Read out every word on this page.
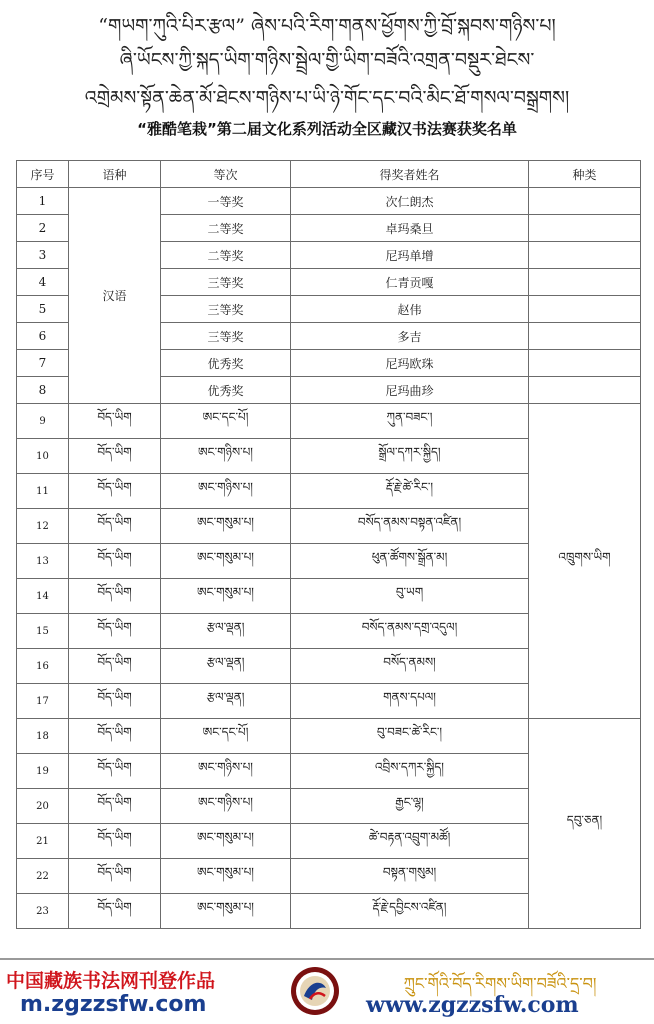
“གཡག་ཀུའི་པིར་རྩལ” ཞེས་པའི་རིག་གནས་ཕྱོགས་ཀྱི་བྲོ་སྐབས་གཉིས་པ།
ཞི་ཡོངས་ཀྱི་སྐད་ཡིག་གཉིས་སྦྲེལ་གྱི་ཡིག་བཟོའི་འགྲན་བསྡུར་ཐེངས་
འགྲེམས་སྟོན་ཆེན་མོ་ཐེངས་གཉིས་པ་ཡི་ཉེ་གོང་དང་བའི་མིང་ཐོ་གསལ་བསྒྲགས།
“雅酷笔栽”第二届文化系列活动全区藏汉书法赛获奖名单

序号	语种	等次	得奖者姓名	种类
1	汉语	一等奖	次仁朗杰	
2		二等奖	卓玛桑旦	
3		二等奖	尼玛单增	
4		三等奖	仁青贡嘎	
5		三等奖	赵伟	
6		三等奖	多吉	
7		优秀奖	尼玛欧珠	
8		优秀奖	尼玛曲珍	
9	བོད་ཡིག	ཨང་དང་པོ།	ཀུན་བཟང་།	འཁྲུགས་ཡིག
10	བོད་ཡིག	ཨང་གཉིས་པ།	སྒྲོལ་དཀར་སྐྱིད།	
11	བོད་ཡིག	ཨང་གཉིས་པ།	རྡོ་རྗེ་ཚེ་རིང་།	
12	བོད་ཡིག	ཨང་གསུམ་པ།	བསོད་ནམས་བསྟན་འཛིན།	
13	བོད་ཡིག	ཨང་གསུམ་པ།	ཕུན་ཚོགས་སྒྲོན་མ།	
14	བོད་ཡིག	ཨང་གསུམ་པ།	བུ་ཡག	
15	བོད་ཡིག	རྩལ་ལྡན།	བསོད་ནམས་དགྲ་འདུལ།	
16	བོད་ཡིག	རྩལ་ལྡན།	བསོད་ནམས།	
17	བོད་ཡིག	རྩལ་ལྡན།	གནས་དཔལ།	
18	བོད་ཡིག	ཨང་དང་པོ།	བུ་བཟང་ཚེ་རིང་།	དབུ་ཅན།
19	བོད་ཡིག	ཨང་གཉིས་པ།	འབྲིས་དཀར་སྐྱིད།	
20	བོད་ཡིག	ཨང་གཉིས་པ།	རྒྱང་ལྷ།	
21	བོད་ཡིག	ཨང་གསུམ་པ།	ཚེ་བརྟན་འབྲུག་མཚོ།	
22	བོད་ཡིག	ཨང་གསུམ་པ།	བསྟན་གསུམ།	
23	བོད་ཡིག	ཨང་གསུམ་པ།	རྡོ་རྗེ་དབྱིངས་འཛིན།	
中国藏族书法网刊登作品
m.zgzzsfw.com
ཀྲུང་གོའི་བོད་རིགས་ཡིག་བཟོའི་དྲ་བ།
www.zgzzsfw.com
